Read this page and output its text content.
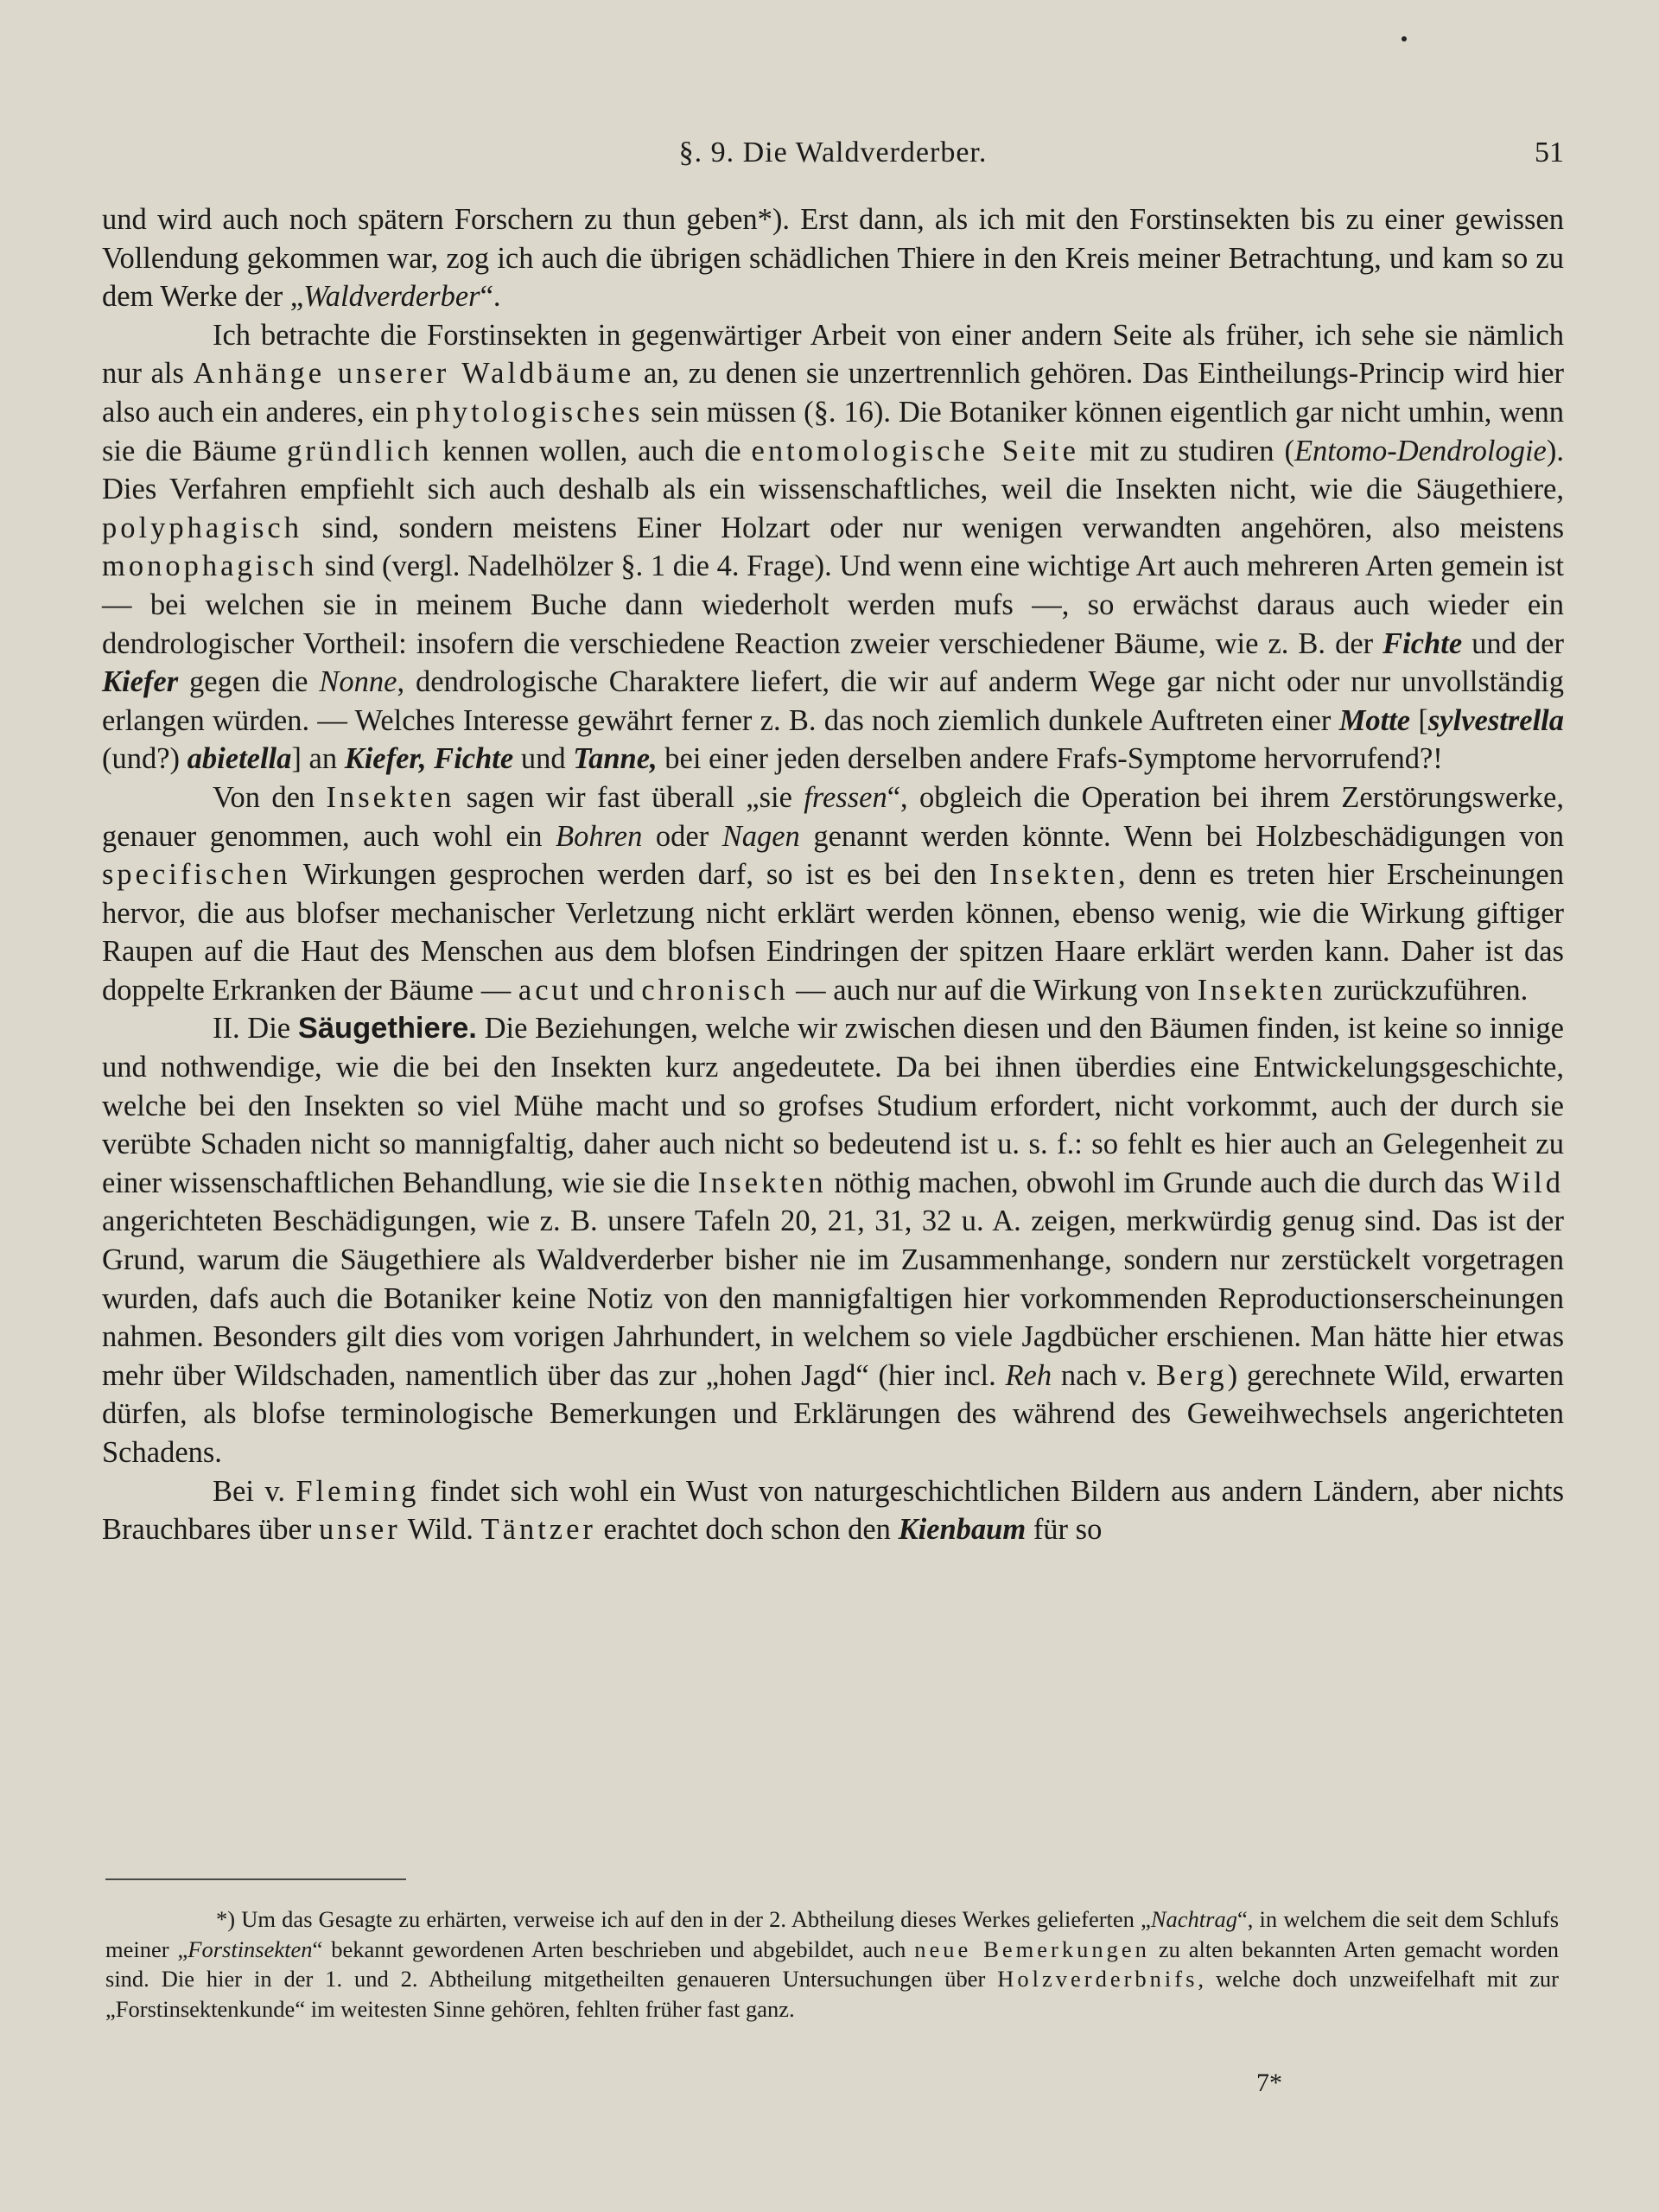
§. 9. Die Waldverderber.	51

und wird auch noch spätern Forschern zu thun geben*). Erst dann, als ich mit den Forstinsekten bis zu einer gewissen Vollendung gekommen war, zog ich auch die übrigen schädlichen Thiere in den Kreis meiner Betrachtung, und kam so zu dem Werke der „Waldverderber“.

Ich betrachte die Forstinsekten in gegenwärtiger Arbeit von einer andern Seite als früher, ich sehe sie nämlich nur als Anhänge unserer Waldbäume an, zu denen sie unzertrennlich gehören. Das Eintheilungs-Princip wird hier also auch ein anderes, ein phytologisches sein müssen (§. 16). Die Botaniker können eigentlich gar nicht umhin, wenn sie die Bäume gründlich kennen wollen, auch die entomologische Seite mit zu studiren (Entomo-Dendrologie). Dies Verfahren empfiehlt sich auch deshalb als ein wissenschaftliches, weil die Insekten nicht, wie die Säugethiere, polyphagisch sind, sondern meistens Einer Holzart oder nur wenigen verwandten angehören, also meistens monophagisch sind (vergl. Nadelhölzer §. 1 die 4. Frage). Und wenn eine wichtige Art auch mehreren Arten gemein ist — bei welchen sie in meinem Buche dann wiederholt werden mufs —, so erwächst daraus auch wieder ein dendrologischer Vortheil: insofern die verschiedene Reaction zweier verschiedener Bäume, wie z. B. der Fichte und der Kiefer gegen die Nonne, dendrologische Charaktere liefert, die wir auf anderm Wege gar nicht oder nur unvollständig erlangen würden. — Welches Interesse gewährt ferner z. B. das noch ziemlich dunkele Auftreten einer Motte [sylvestrella (und?) abietella] an Kiefer, Fichte und Tanne, bei einer jeden derselben andere Frafs-Symptome hervorrufend?!

Von den Insekten sagen wir fast überall „sie fressen“, obgleich die Operation bei ihrem Zerstörungswerke, genauer genommen, auch wohl ein Bohren oder Nagen genannt werden könnte. Wenn bei Holzbeschädigungen von specifischen Wirkungen gesprochen werden darf, so ist es bei den Insekten, denn es treten hier Erscheinungen hervor, die aus blofser mechanischer Verletzung nicht erklärt werden können, ebenso wenig, wie die Wirkung giftiger Raupen auf die Haut des Menschen aus dem blofsen Eindringen der spitzen Haare erklärt werden kann. Daher ist das doppelte Erkranken der Bäume — acut und chronisch — auch nur auf die Wirkung von Insekten zurückzuführen.

II. Die Säugethiere. Die Beziehungen, welche wir zwischen diesen und den Bäumen finden, ist keine so innige und nothwendige, wie die bei den Insekten kurz angedeutete. Da bei ihnen überdies eine Entwickelungsgeschichte, welche bei den Insekten so viel Mühe macht und so grofses Studium erfordert, nicht vorkommt, auch der durch sie verübte Schaden nicht so mannigfaltig, daher auch nicht so bedeutend ist u. s. f.: so fehlt es hier auch an Gelegenheit zu einer wissenschaftlichen Behandlung, wie sie die Insekten nöthig machen, obwohl im Grunde auch die durch das Wild angerichteten Beschädigungen, wie z. B. unsere Tafeln 20, 21, 31, 32 u. A. zeigen, merkwürdig genug sind. Das ist der Grund, warum die Säugethiere als Waldverderber bisher nie im Zusammenhange, sondern nur zerstückelt vorgetragen wurden, dafs auch die Botaniker keine Notiz von den mannigfaltigen hier vorkommenden Reproductionserscheinungen nahmen. Besonders gilt dies vom vorigen Jahrhundert, in welchem so viele Jagdbücher erschienen. Man hätte hier etwas mehr über Wildschaden, namentlich über das zur „hohen Jagd“ (hier incl. Reh nach v. Berg) gerechnete Wild, erwarten dürfen, als blofse terminologische Bemerkungen und Erklärungen des während des Geweihwechsels angerichteten Schadens.

Bei v. Fleming findet sich wohl ein Wust von naturgeschichtlichen Bildern aus andern Ländern, aber nichts Brauchbares über unser Wild. Täntzer erachtet doch schon den Kienbaum für so

*) Um das Gesagte zu erhärten, verweise ich auf den in der 2. Abtheilung dieses Werkes gelieferten „Nachtrag“, in welchem die seit dem Schlufs meiner „Forstinsekten“ bekannt gewordenen Arten beschrieben und abgebildet, auch neue Bemerkungen zu alten bekannten Arten gemacht worden sind. Die hier in der 1. und 2. Abtheilung mitgetheilten genaueren Untersuchungen über Holzverderbnifs, welche doch unzweifelhaft mit zur „Forstinsektenkunde“ im weitesten Sinne gehören, fehlten früher fast ganz.

7*
